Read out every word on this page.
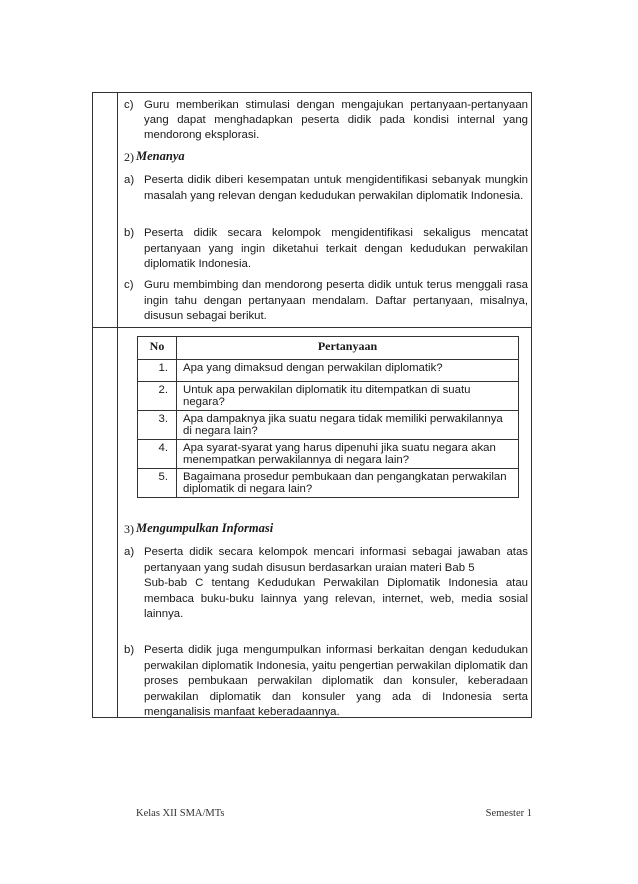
c) Guru memberikan stimulasi dengan mengajukan pertanyaan-pertanyaan yang dapat menghadapkan peserta didik pada kondisi internal yang mendorong eksplorasi.
2) Menanya
a) Peserta didik diberi kesempatan untuk mengidentifikasi sebanyak mungkin masalah yang relevan dengan kedudukan perwakilan diplomatik Indonesia.
b) Peserta didik secara kelompok mengidentifikasi sekaligus mencatat pertanyaan yang ingin diketahui terkait dengan kedudukan perwakilan diplomatik Indonesia.
c) Guru membimbing dan mendorong peserta didik untuk terus menggali rasa ingin tahu dengan pertanyaan mendalam. Daftar pertanyaan, misalnya, disusun sebagai berikut.
No	Pertanyaan
1.	Apa yang dimaksud dengan perwakilan diplomatik?
2.	Untuk apa perwakilan diplomatik itu ditempatkan di suatu negara?
3.	Apa dampaknya jika suatu negara tidak memiliki perwakilannya di negara lain?
4.	Apa syarat-syarat yang harus dipenuhi jika suatu negara akan menempatkan perwakilannya di negara lain?
5.	Bagaimana prosedur pembukaan dan pengangkatan perwakilan diplomatik di negara lain?
3) Mengumpulkan Informasi
a) Peserta didik secara kelompok mencari informasi sebagai jawaban atas pertanyaan yang sudah disusun berdasarkan uraian materi Bab 5

Sub-bab C tentang Kedudukan Perwakilan Diplomatik Indonesia atau membaca buku-buku lainnya yang relevan, internet, web, media sosial lainnya.

b) Peserta didik juga mengumpulkan informasi berkaitan dengan kedudukan perwakilan diplomatik Indonesia, yaitu pengertian perwakilan diplomatik dan proses pembukaan perwakilan diplomatik dan konsuler, keberadaan perwakilan diplomatik dan konsuler yang ada di Indonesia serta menganalisis manfaat keberadaannya.

Kelas XII SMA/MTs	Semester 1
